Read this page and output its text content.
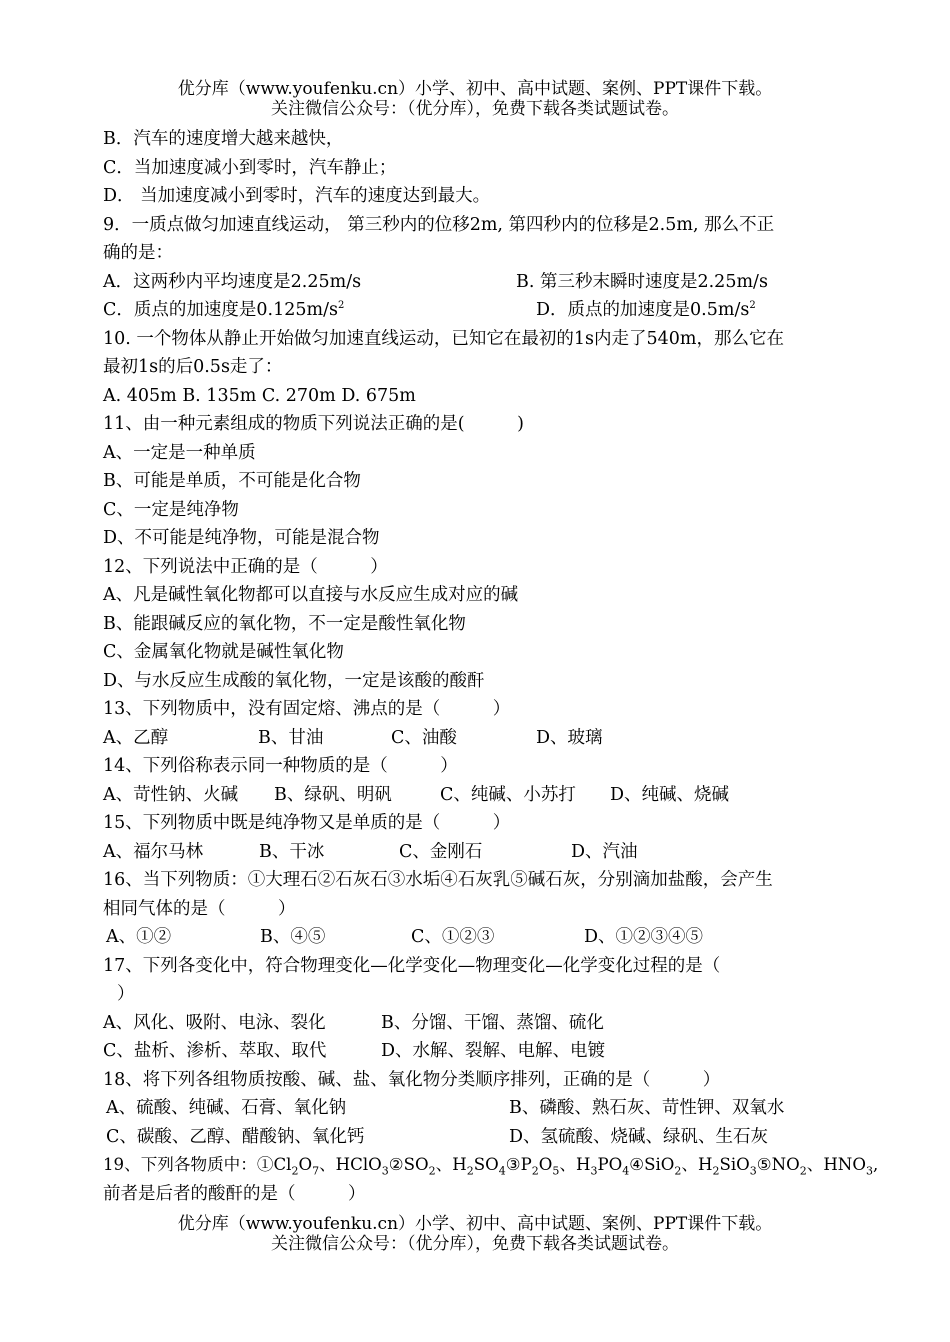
优分库（www.youfenku.cn）小学、初中、高中试题、案例、PPT课件下载。
关注微信公众号：（优分库），免费下载各类试题试卷。
B．汽车的速度增大越来越快，
C．当加速度减小到零时，汽车静止；
D． 当加速度减小到零时，汽车的速度达到最大。
9．一质点做匀加速直线运动， 第三秒内的位移2m, 第四秒内的位移是2.5m, 那么不正
确的是：
A．这两秒内平均速度是2.25m/s	B. 第三秒末瞬时速度是2.25m/s
C．质点的加速度是$0.125m/s^2$	D．质点的加速度是$0.5m/s^2$
10. 一个物体从静止开始做匀加速直线运动，已知它在最初的1s内走了540m，那么它在
最初1s的后0.5s走了：
A. 405m B. 135m C. 270m D. 675m
11、由一种元素组成的物质下列说法正确的是(　　　)
A、一定是一种单质
B、可能是单质，不可能是化合物
C、一定是纯净物
D、不可能是纯净物，可能是混合物
12、下列说法中正确的是（　　　）
A、凡是碱性氧化物都可以直接与水反应生成对应的碱
B、能跟碱反应的氧化物，不一定是酸性氧化物
C、金属氧化物就是碱性氧化物
D、与水反应生成酸的氧化物，一定是该酸的酸酐
13、下列物质中，没有固定熔、沸点的是（　　　）
A、乙醇	B、甘油	C、油酸	D、玻璃
14、下列俗称表示同一种物质的是（　　　）
A、苛性钠、火碱 B、绿矾、明矾	C、纯碱、小苏打 D、纯碱、烧碱
15、下列物质中既是纯净物又是单质的是（　　　）
A、福尔马林	B、干冰	C、金刚石	D、汽油
16、当下列物质：①大理石②石灰石③水垢④石灰乳⑤碱石灰，分别滴加盐酸，会产生
相同气体的是（　　　）
A、①②	B、④⑤	C、①②③	D、①②③④⑤
17、下列各变化中，符合物理变化—化学变化—物理变化—化学变化过程的是（
）
A、风化、吸附、电泳、裂化	B、分馏、干馏、蒸馏、硫化
C、盐析、渗析、萃取、取代	D、水解、裂解、电解、电镀
18、将下列各组物质按酸、碱、盐、氧化物分类顺序排列，正确的是（　　　）
A、硫酸、纯碱、石膏、氧化钠	B、磷酸、熟石灰、苛性钾、双氧水
C、碳酸、乙醇、醋酸钠、氧化钙	D、氢硫酸、烧碱、绿矾、生石灰
19、下列各物质中：$①Cl_2O_7$、$HClO_3②SO_2$、$H_2SO_4③P_2O_5$、$H_3PO_4④SiO_2$、$H_2SiO_3⑤NO_2$、$HNO_3$,
前者是后者的酸酐的是（　　　）
优分库（www.youfenku.cn）小学、初中、高中试题、案例、PPT课件下载。
关注微信公众号：（优分库），免费下载各类试题试卷。
